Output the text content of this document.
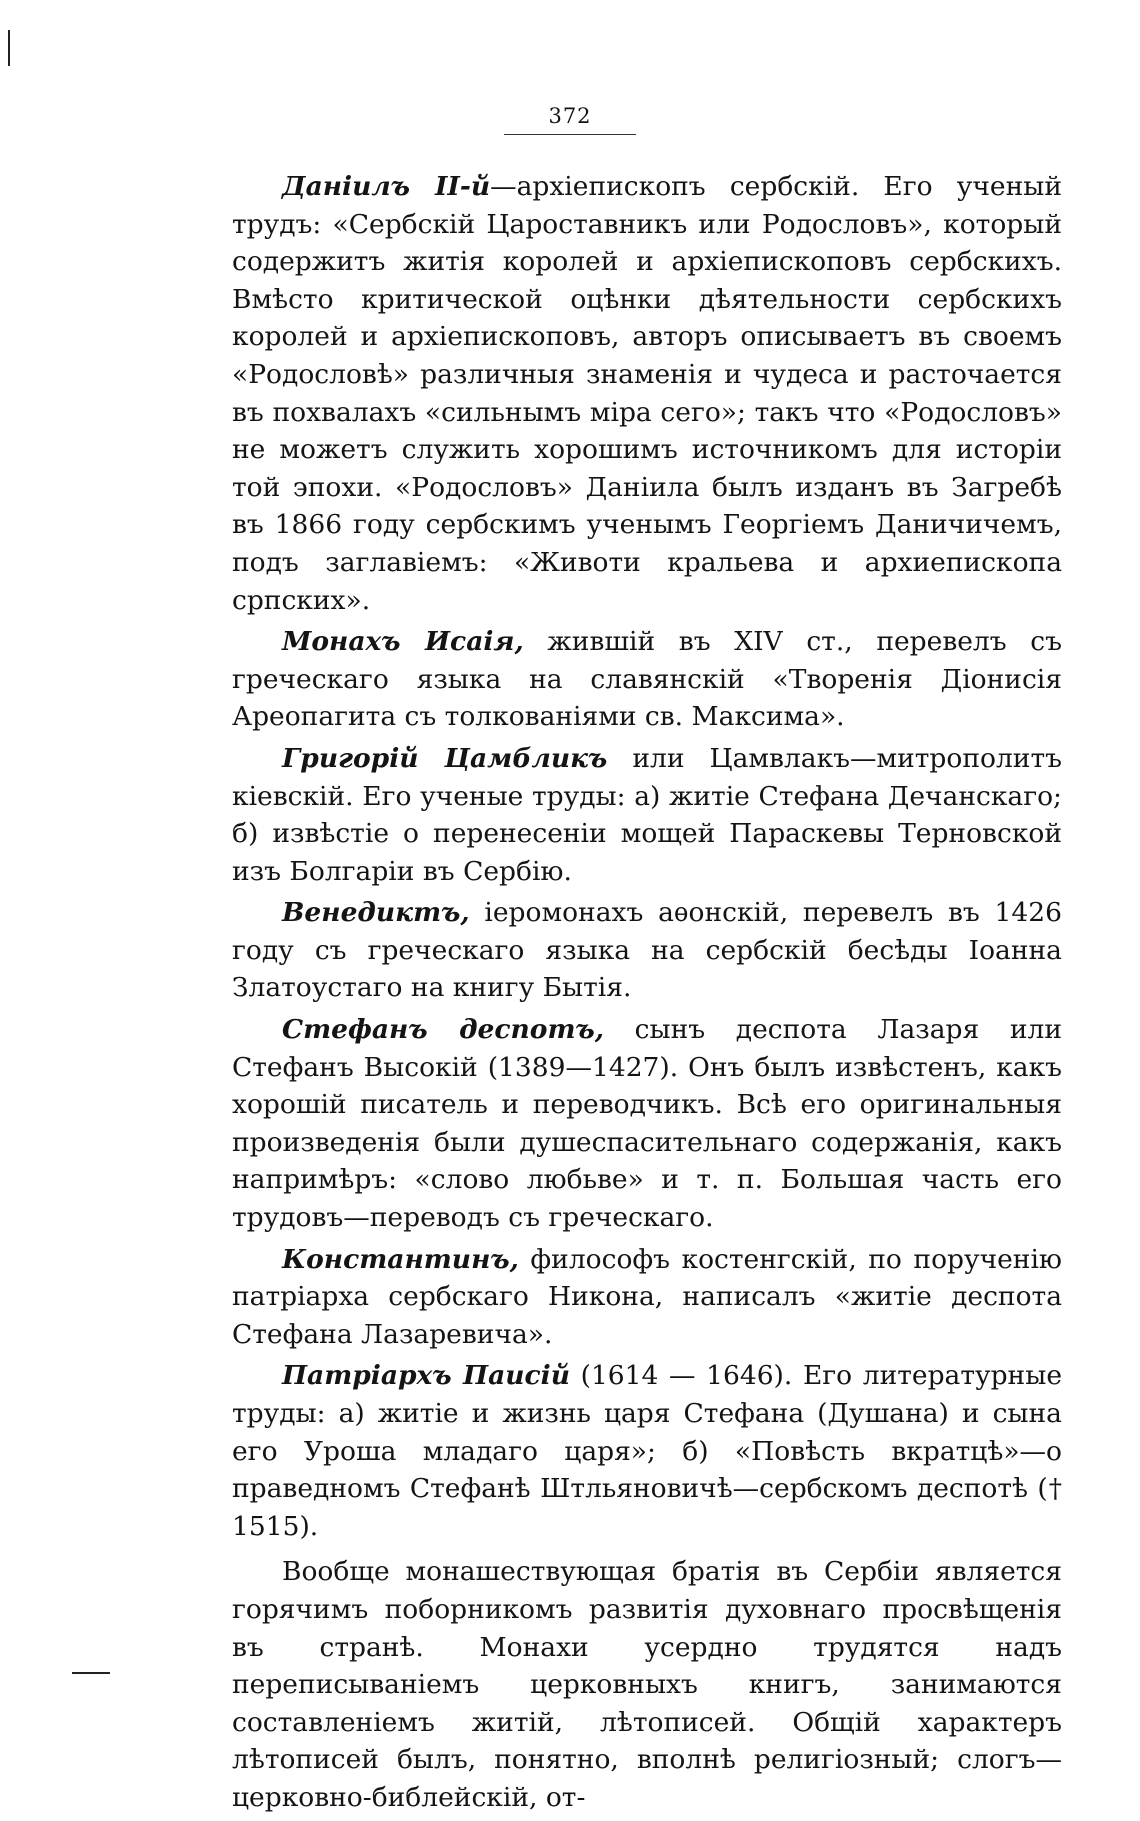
372

Данiилъ II-й—архiепископъ сербскiй. Его ученый трудъ: «Сербскiй Цароставникъ или Родословъ», который содержитъ житiя королей и архiепископовъ сербскихъ. Вмѣсто критической оцѣнки дѣятельности сербскихъ королей и архiепископовъ, авторъ описываетъ въ своемъ «Родословѣ» различныя знаменiя и чудеса и расточается въ похвалахъ «сильнымъ мiра сего»; такъ что «Родословъ» не можетъ служить хорошимъ источникомъ для исторiи той эпохи. «Родословъ» Данiила былъ изданъ въ Загребѣ въ 1866 году сербскимъ ученымъ Георгiемъ Даничичемъ, подъ заглавiемъ: «Животи кральева и архиепископа српских».

Монахъ Исаiя, жившiй въ XIV ст., перевелъ съ греческаго языка на славянскiй «Творенiя Дiонисiя Ареопагита съ толкованiями св. Максима».

Григорiй Цамбликъ или Цамвлакъ—митрополитъ кiевскiй. Его ученые труды: а) житiе Стефана Дечанскаго; б) извѣстiе о перенесенiи мощей Параскевы Терновской изъ Болгарiи въ Сербiю.

Венедиктъ, iеромонахъ аѳонскiй, перевелъ въ 1426 году съ греческаго языка на сербскiй бесѣды Iоанна Златоустаго на книгу Бытiя.

Стефанъ деспотъ, сынъ деспота Лазаря или Стефанъ Высокiй (1389—1427). Онъ былъ извѣстенъ, какъ хорошiй писатель и переводчикъ. Всѣ его оригинальныя произведенiя были душеспасительнаго содержанiя, какъ напримѣръ: «слово любьве» и т. п. Большая часть его трудовъ—переводъ съ греческаго.

Константинъ, философъ костенгскiй, по порученiю патрiарха сербскаго Никона, написалъ «житiе деспота Стефана Лазаревича».

Патрiархъ Паисiй (1614 — 1646). Его литературные труды: а) житiе и жизнь царя Стефана (Душана) и сына его Уроша младаго царя»; б) «Повѣсть вкратцѣ»—о праведномъ Стефанѣ Штльяновичѣ—сербскомъ деспотѣ († 1515).

Вообще монашествующая братiя въ Сербiи является горячимъ поборникомъ развитiя духовнаго просвѣщенiя въ странѣ. Монахи усердно трудятся надъ переписыванiемъ церковныхъ книгъ, занимаются составленiемъ житiй, лѣтописей. Общiй характеръ лѣтописей былъ, понятно, вполнѣ религiозный; слогъ—церковно-библейскiй, от-
